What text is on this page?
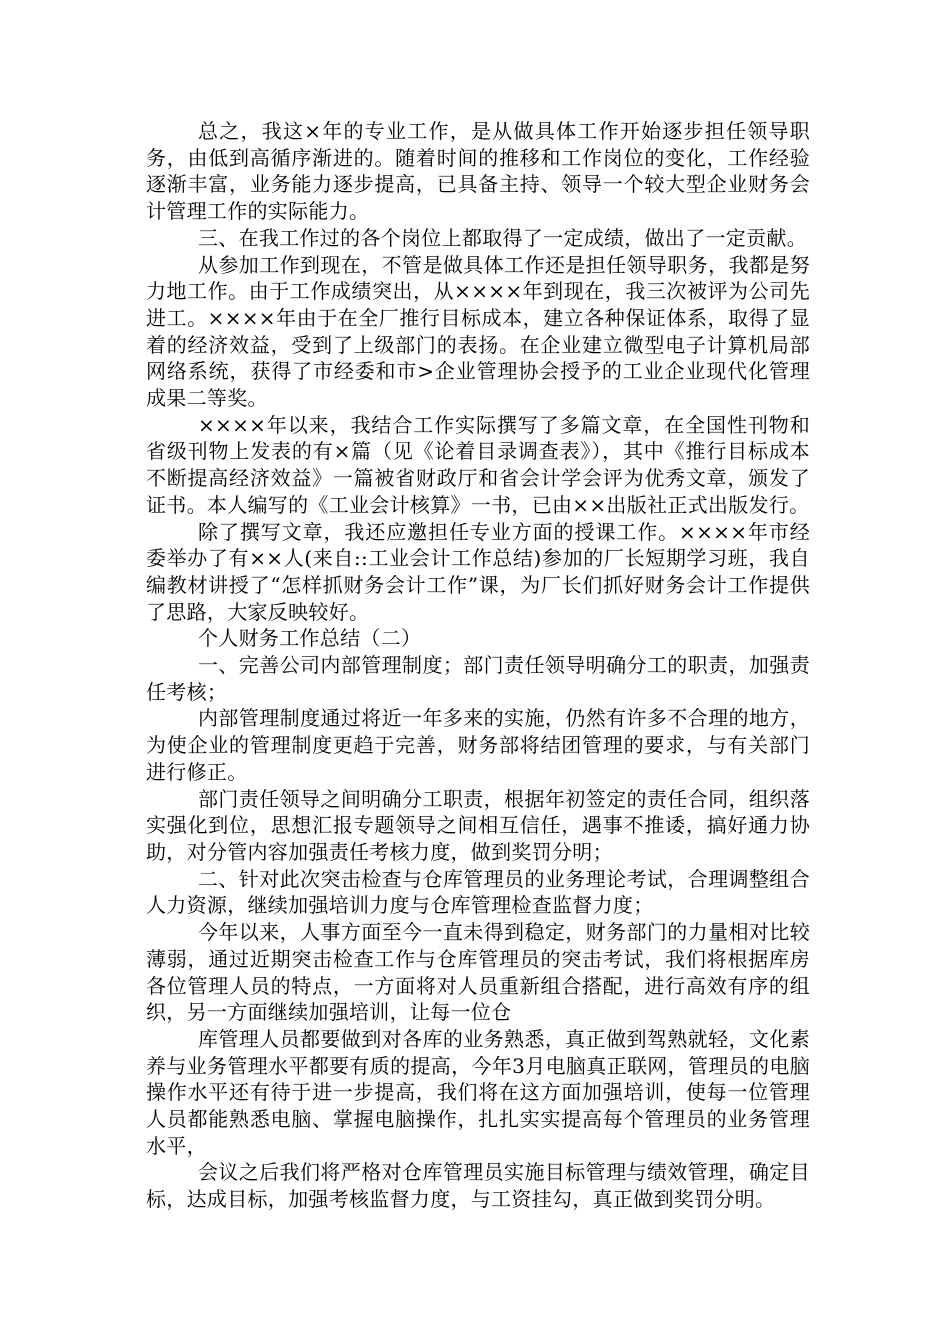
总之，我这×年的专业工作，是从做具体工作开始逐步担任领导职务，由低到高循序渐进的。随着时间的推移和工作岗位的变化，工作经验逐渐丰富，业务能力逐步提高，已具备主持、领导一个较大型企业财务会计管理工作的实际能力。

三、在我工作过的各个岗位上都取得了一定成绩，做出了一定贡献。

从参加工作到现在，不管是做具体工作还是担任领导职务，我都是努力地工作。由于工作成绩突出，从××××年到现在，我三次被评为公司先进工。××××年由于在全厂推行目标成本，建立各种保证体系，取得了显着的经济效益，受到了上级部门的表扬。在企业建立微型电子计算机局部网络系统，获得了市经委和市>企业管理协会授予的工业企业现代化管理成果二等奖。

××××年以来，我结合工作实际撰写了多篇文章，在全国性刊物和省级刊物上发表的有×篇（见《论着目录调查表》），其中《推行目标成本不断提高经济效益》一篇被省财政厅和省会计学会评为优秀文章，颁发了证书。本人编写的《工业会计核算》一书，已由××出版社正式出版发行。

除了撰写文章，我还应邀担任专业方面的授课工作。××××年市经委举办了有××人(来自::工业会计工作总结)参加的厂长短期学习班，我自编教材讲授了“怎样抓财务会计工作”课，为厂长们抓好财务会计工作提供了思路，大家反映较好。

个人财务工作总结（二）

一、完善公司内部管理制度；部门责任领导明确分工的职责，加强责任考核；

内部管理制度通过将近一年多来的实施，仍然有许多不合理的地方，为使企业的管理制度更趋于完善，财务部将结团管理的要求，与有关部门进行修正。

部门责任领导之间明确分工职责，根据年初签定的责任合同，组织落实强化到位，思想汇报专题领导之间相互信任，遇事不推诿，搞好通力协助，对分管内容加强责任考核力度，做到奖罚分明；

二、针对此次突击检查与仓库管理员的业务理论考试，合理调整组合人力资源，继续加强培训力度与仓库管理检查监督力度；

今年以来，人事方面至今一直未得到稳定，财务部门的力量相对比较薄弱，通过近期突击检查工作与仓库管理员的突击考试，我们将根据库房各位管理人员的特点，一方面将对人员重新组合搭配，进行高效有序的组织，另一方面继续加强培训，让每一位仓

库管理人员都要做到对各库的业务熟悉，真正做到驾熟就轻，文化素养与业务管理水平都要有质的提高，今年3月电脑真正联网，管理员的电脑操作水平还有待于进一步提高，我们将在这方面加强培训，使每一位管理人员都能熟悉电脑、掌握电脑操作，扎扎实实提高每个管理员的业务管理水平，

会议之后我们将严格对仓库管理员实施目标管理与绩效管理，确定目标，达成目标，加强考核监督力度，与工资挂勾，真正做到奖罚分明。
